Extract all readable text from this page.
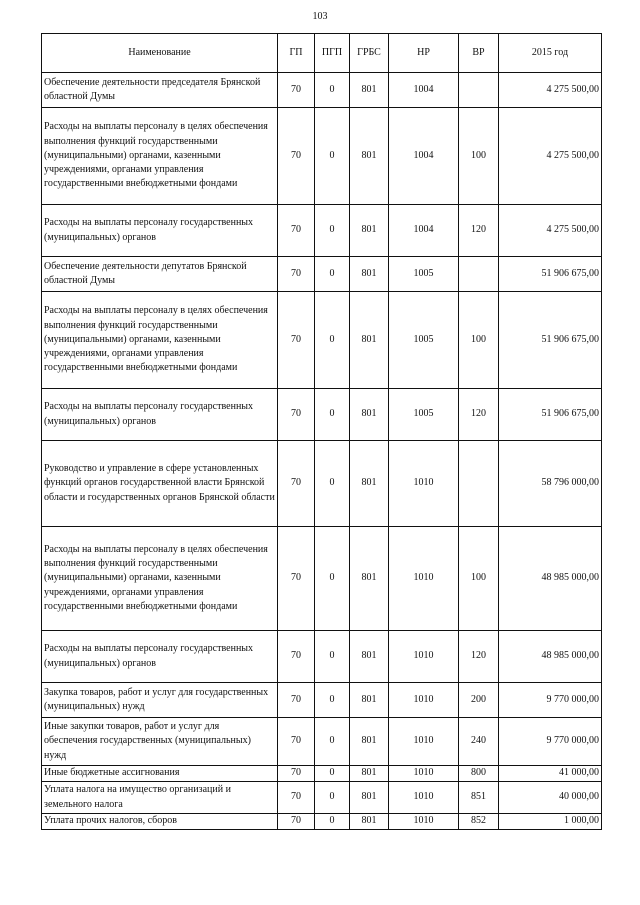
103
Наименование	ГП	ПГП	ГРБС	НР	ВР	2015 год
Обеспечение деятельности председателя Брянской областной Думы	70	0	801	1004		4 275 500,00
Расходы на выплаты персоналу в целях обеспечения выполнения функций государственными (муниципальными) органами, казенными учреждениями, органами управления государственными внебюджетными фондами	70	0	801	1004	100	4 275 500,00
Расходы на выплаты персоналу государственных (муниципальных) органов	70	0	801	1004	120	4 275 500,00
Обеспечение деятельности депутатов Брянской областной Думы	70	0	801	1005		51 906 675,00
Расходы на выплаты персоналу в целях обеспечения выполнения функций государственными (муниципальными) органами, казенными учреждениями, органами управления государственными внебюджетными фондами	70	0	801	1005	100	51 906 675,00
Расходы на выплаты персоналу государственных (муниципальных) органов	70	0	801	1005	120	51 906 675,00
Руководство и управление в сфере установленных функций органов государственной власти Брянской области и государственных органов Брянской области	70	0	801	1010		58 796 000,00
Расходы на выплаты персоналу в целях обеспечения выполнения функций государственными (муниципальными) органами, казенными учреждениями, органами управления государственными внебюджетными фондами	70	0	801	1010	100	48 985 000,00
Расходы на выплаты персоналу государственных (муниципальных) органов	70	0	801	1010	120	48 985 000,00
Закупка товаров, работ и услуг для государственных (муниципальных) нужд	70	0	801	1010	200	9 770 000,00
Иные закупки товаров, работ и услуг для обеспечения государственных (муниципальных) нужд	70	0	801	1010	240	9 770 000,00
Иные бюджетные ассигнования	70	0	801	1010	800	41 000,00
Уплата налога на имущество организаций и земельного налога	70	0	801	1010	851	40 000,00
Уплата прочих налогов, сборов	70	0	801	1010	852	1 000,00
